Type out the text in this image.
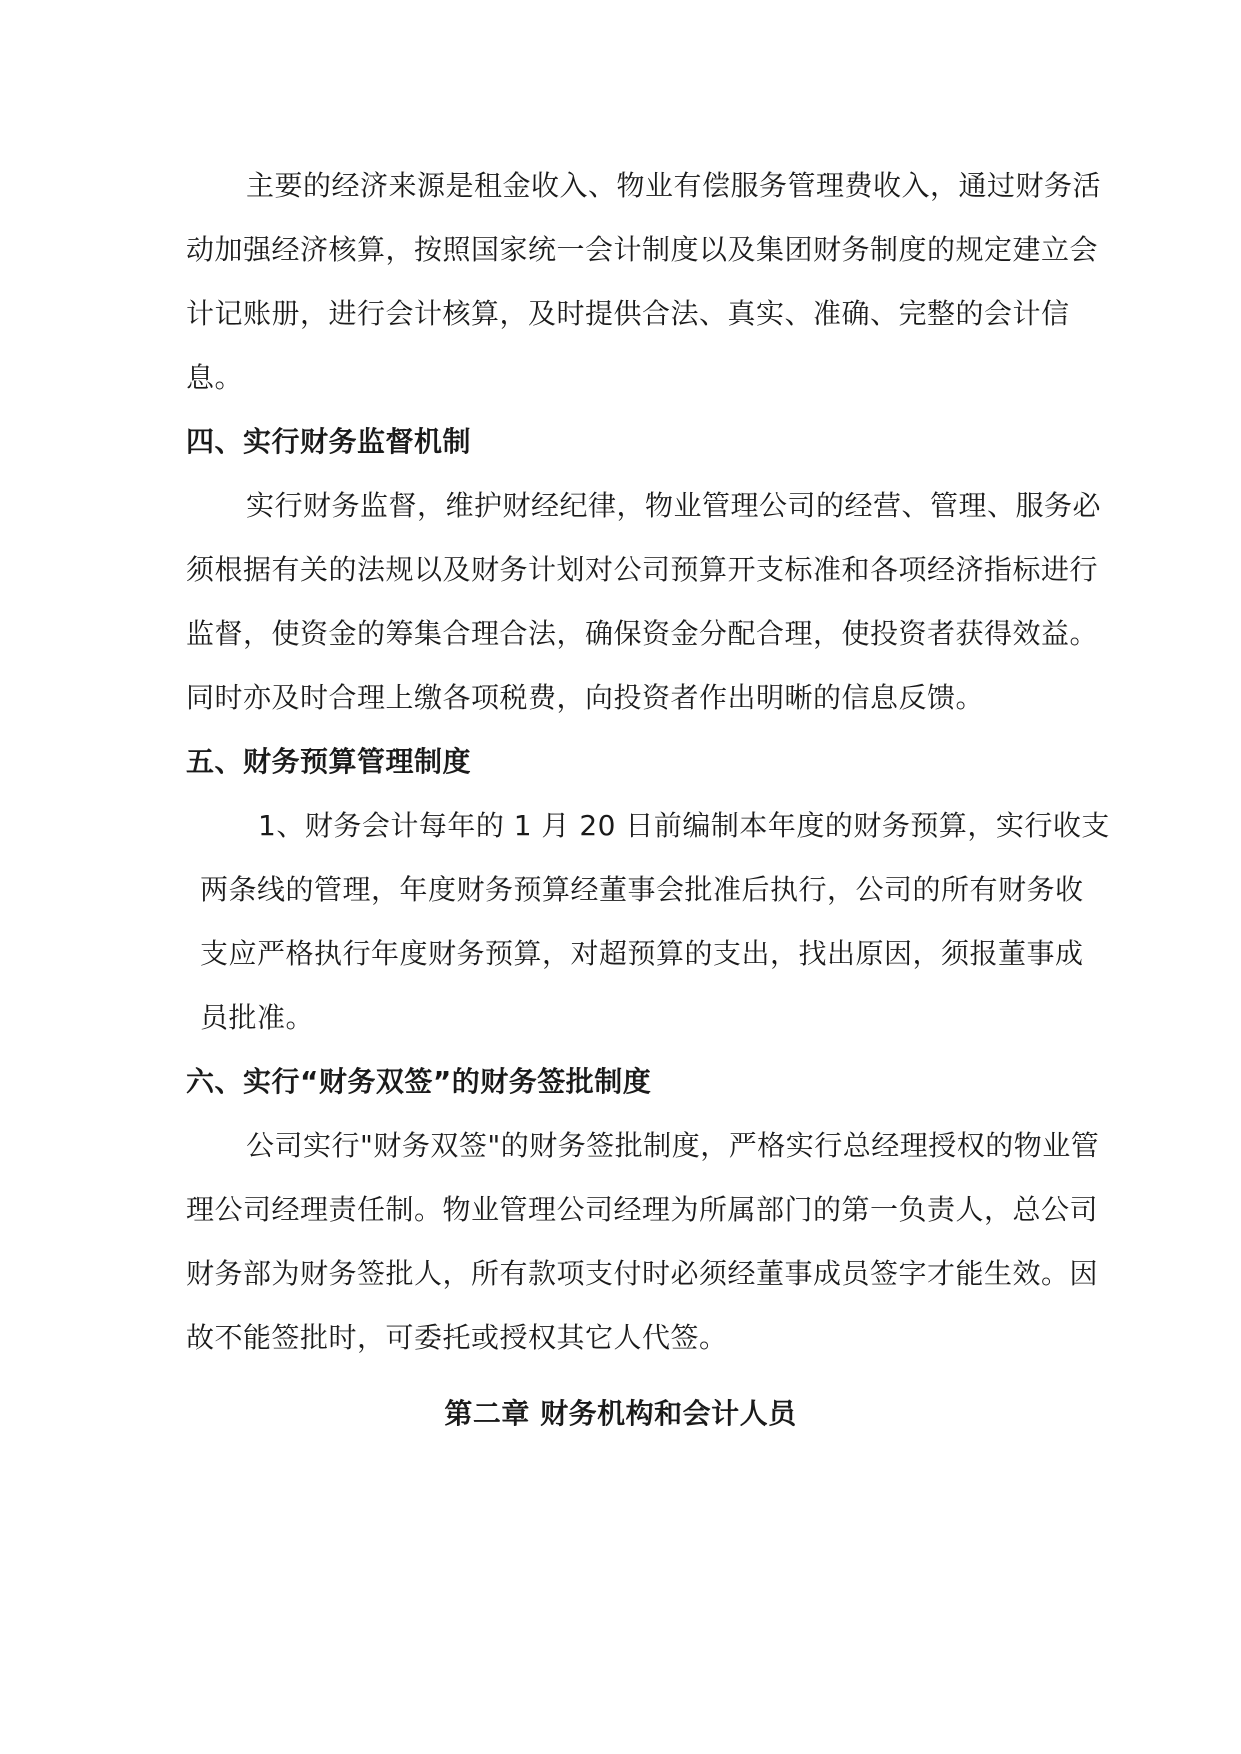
主要的经济来源是租金收入、物业有偿服务管理费收入，通过财务活
动加强经济核算，按照国家统一会计制度以及集团财务制度的规定建立会
计记账册，进行会计核算，及时提供合法、真实、准确、完整的会计信
息。
四、实行财务监督机制
实行财务监督，维护财经纪律，物业管理公司的经营、管理、服务必
须根据有关的法规以及财务计划对公司预算开支标准和各项经济指标进行
监督，使资金的筹集合理合法，确保资金分配合理，使投资者获得效益。
同时亦及时合理上缴各项税费，向投资者作出明晰的信息反馈。
五、财务预算管理制度
1、财务会计每年的 1 月 20 日前编制本年度的财务预算，实行收支
两条线的管理，年度财务预算经董事会批准后执行，公司的所有财务收
支应严格执行年度财务预算，对超预算的支出，找出原因，须报董事成
员批准。
六、实行“财务双签”的财务签批制度
公司实行"财务双签"的财务签批制度，严格实行总经理授权的物业管
理公司经理责任制。物业管理公司经理为所属部门的第一负责人，总公司
财务部为财务签批人，所有款项支付时必须经董事成员签字才能生效。因
故不能签批时，可委托或授权其它人代签。
第二章 财务机构和会计人员
